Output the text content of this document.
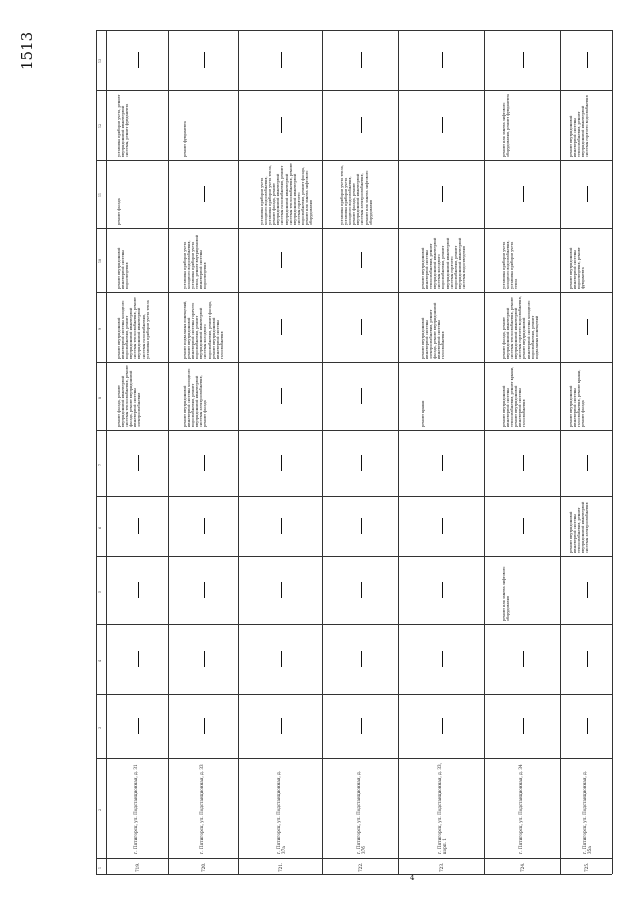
1513	13
12
11
10
9
8
7
6
5
4
3
2
1	719.
г. Пятигорск, ул. Подстанционная, д. 31
ремонт фасада, ремонт внутридомовой инженерной системы теплоснабжения, ремонт фасада, ремонт внутридомовой инженерной системы электроснабжения
ремонт внутридомовой инженерной системы холодного водоснабжения, ремонт внутридомовой инженерной системы теплоснабжения, ремонт внутридомовой инженерной системы газоснабжения, установка приборов учета тепла
ремонт внутридомовой инженерной системы водоотведения
ремонт фасада
установка приборов учета, ремонт внутридомовой инженерной системы, ремонт фундамента
720.
г. Пятигорск, ул. Подстанционная, д. 33
ремонт внутридомовой инженерной системы холодного водоснабжения, ремонт внутридомовой инженерной системы электроснабжения, ремонт фасада
ремонт подвальных помещений, ремонт внутридомовой инженерной системы горячего водоснабжения, ремонт внутридомовой инженерной системы холодного водоснабжения, ремонт фасада, ремонт внутридомовой инженерной системы газоснабжения
установка приборов учета холодного водоснабжения, установка приборов учета тепла, ремонт внутридомовой инженерной системы водоотведения
ремонт фундамента
721.
г. Пятигорск, ул. Подстанционная, д. 37а
установка приборов учета холодного водоснабжения, установка приборов учета тепла, ремонт фасада, ремонт внутридомовой инженерной системы газоснабжения, ремонт внутридомовой инженерной системы теплоснабжения, ремонт внутридомовой инженерной системы горячего водоснабжения, ремонт фасада, ремонт или замена лифтового оборудования
722.
г. Пятигорск, ул. Подстанционная, д. 37б
установка приборов учета тепла, установка приборов учета холодного водоснабжения, ремонт фасада, ремонт внутридомовой инженерной системы электроснабжения, ремонт или замена лифтового оборудования
723.
г. Пятигорск, ул. Подстанционная, д. 33, корп. 1
ремонт крыши
ремонт внутридомовой инженерной системы электроснабжения, ремонт фасада, ремонт внутридомовой инженерной системы газоснабжения
ремонт внутридомовой инженерной системы теплоснабжения, ремонт внутридомовой инженерной системы холодного водоснабжения, ремонт внутридомовой инженерной системы горячего водоснабжения, ремонт внутридомовой инженерной системы водоотведения
724.
г. Пятигорск, ул. Подстанционная, д. 34
ремонт или замена лифтового оборудования
ремонт внутридомовой инженерной системы теплоснабжения, ремонт крыши, ремонт внутридомовой инженерной системы газоснабжения
ремонт фасада, ремонт внутридомовой инженерной системы теплоснабжения, ремонт внутридомовой инженерной системы горячего водоснабжения, ремонт внутридомовой инженерной системы холодного водоснабжения, ремонт подвальных помещений
установка приборов учета холодного водоснабжения, установка приборов учета тепла
ремонт или замена лифтового оборудования, ремонт фундамента
725.
г. Пятигорск, ул. Подстанционная, д. 35а
ремонт внутридомовой инженерной системы теплоснабжения, ремонт внутридомовой инженерной системы электроснабжения
ремонт внутридомовой инженерной системы газоснабжения, ремонт крыши, ремонт фасада
ремонт внутридомовой инженерной системы водоотведения, ремонт фундамента
ремонт внутридомовой инженерной системы теплоснабжения, ремонт внутридомовой инженерной системы горячего водоснабжения
4
